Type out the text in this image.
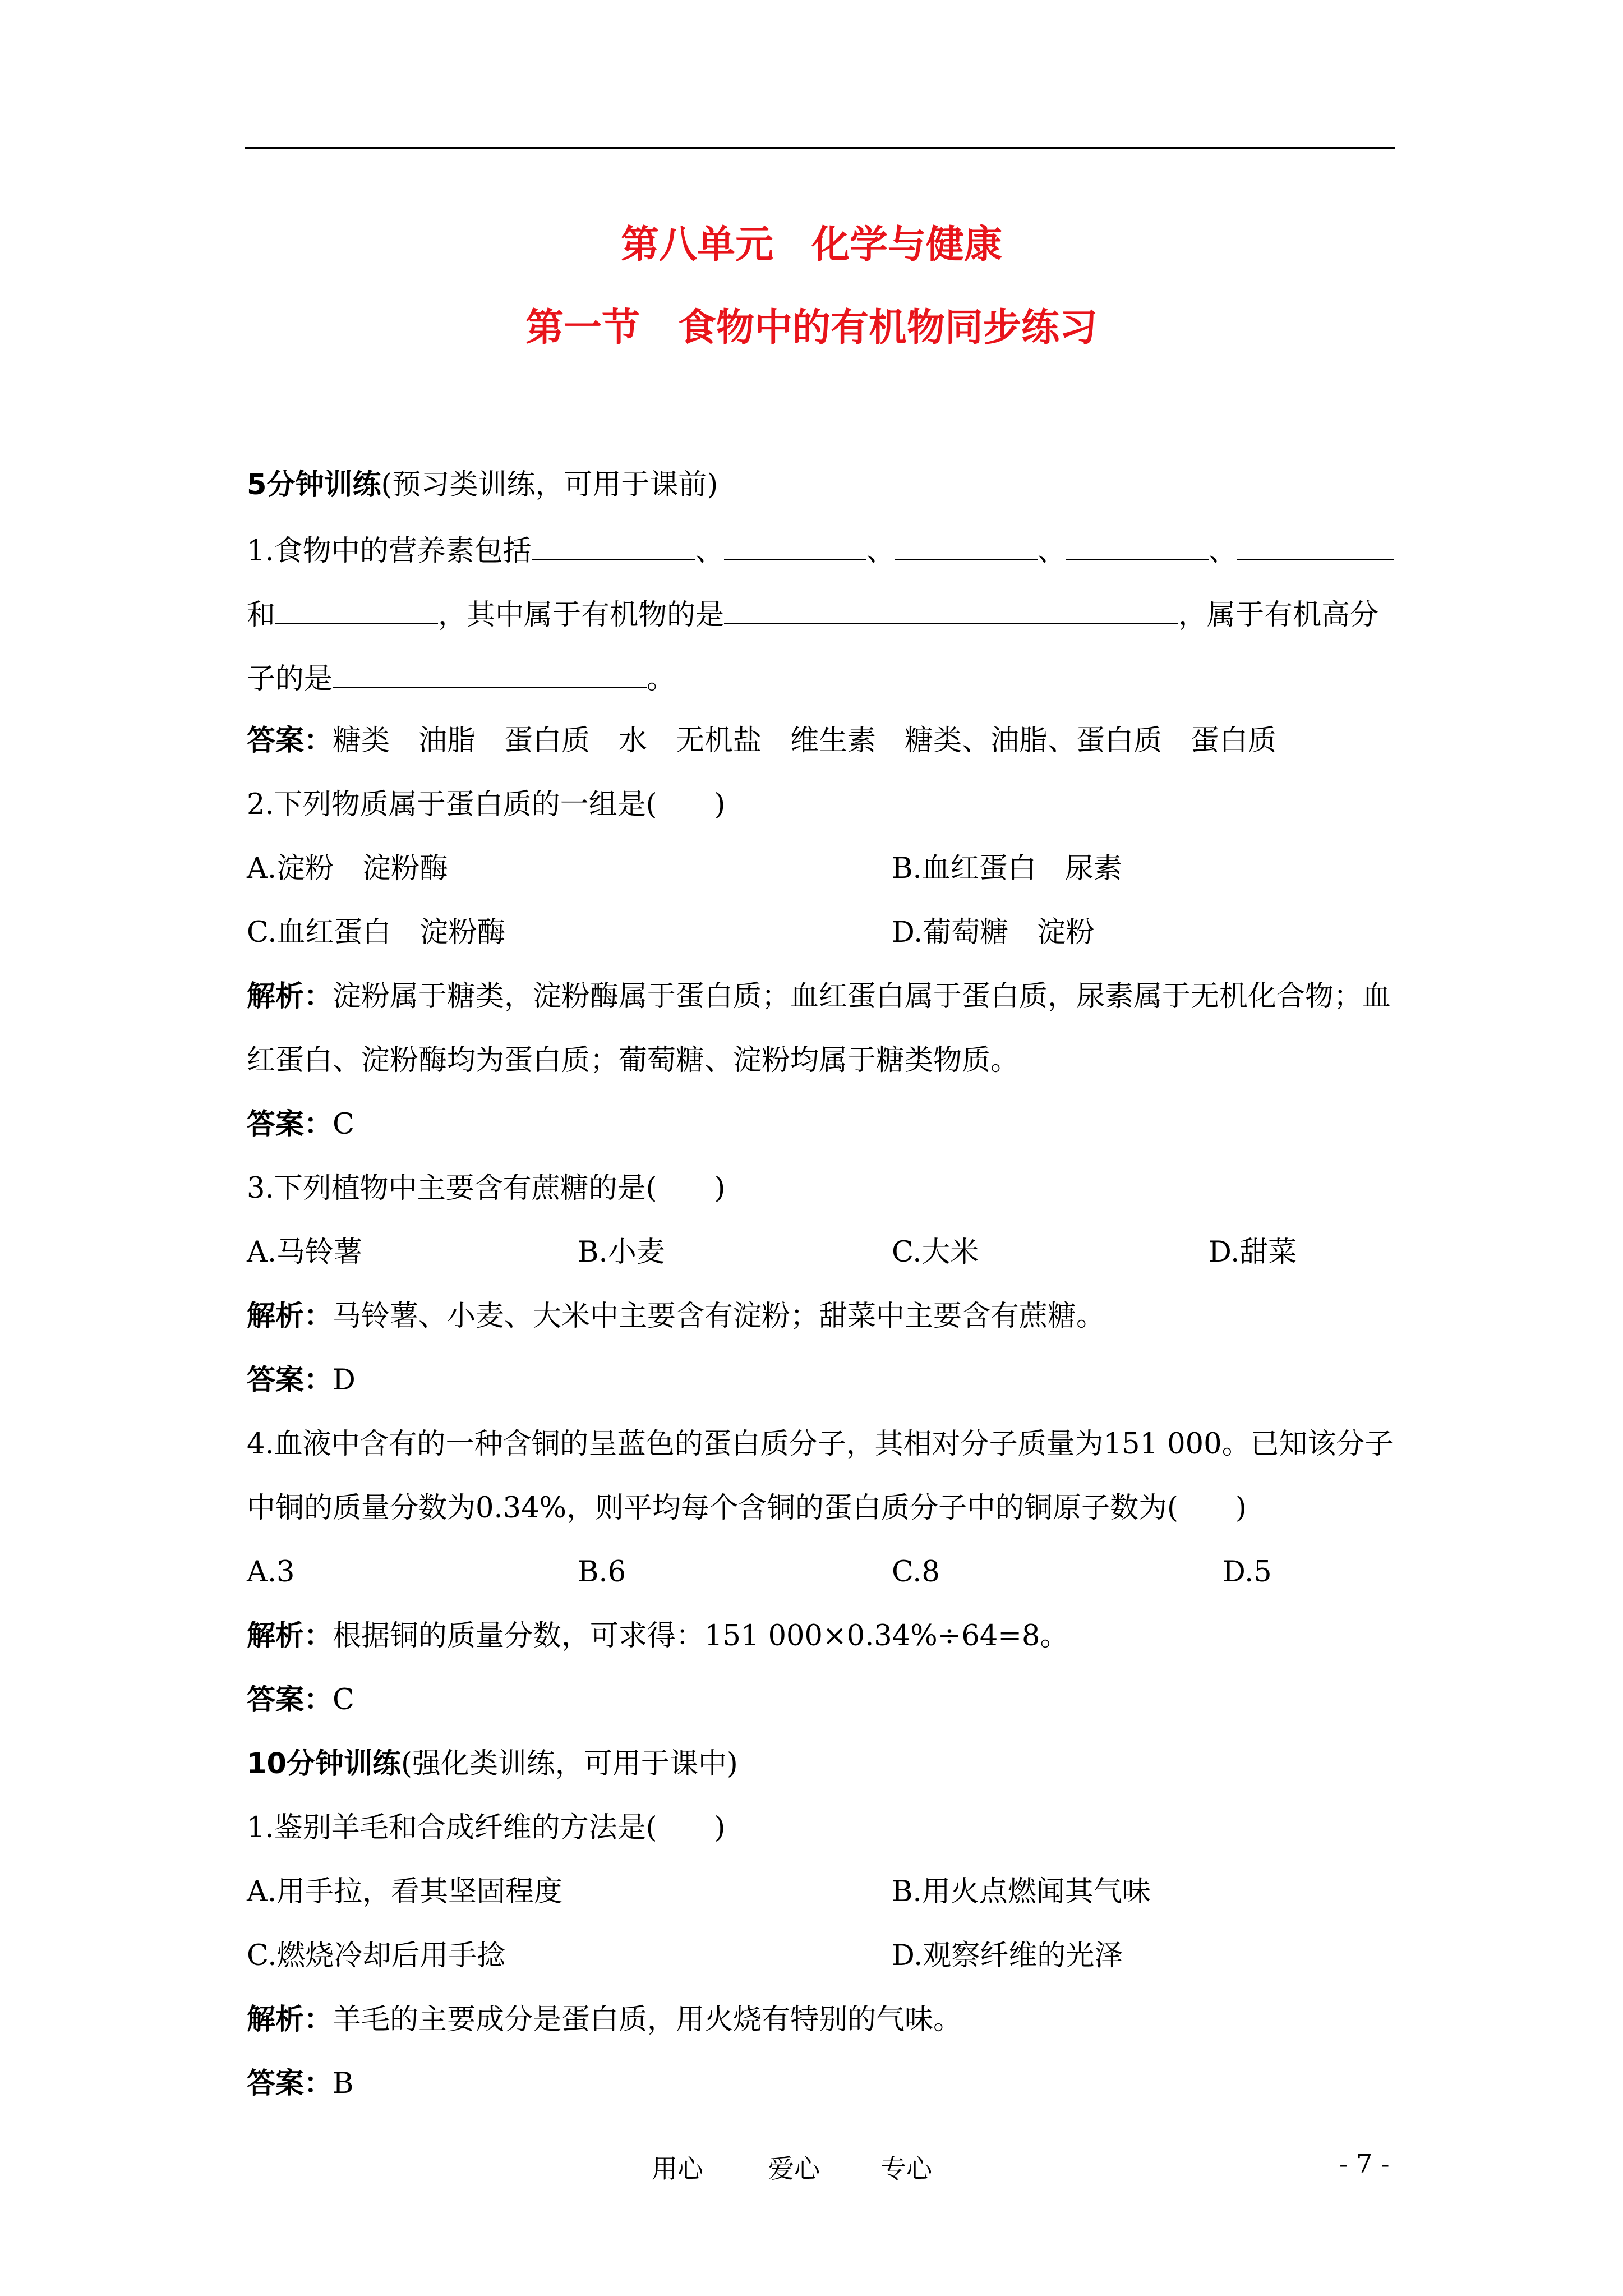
第八单元　化学与健康
第一节　食物中的有机物同步练习
5分钟训练(预习类训练，可用于课前)
1.食物中的营养素包括	、	、	、	、
和	，其中属于有机物的是	，属于有机高分
子的是	。
答案：糖类　油脂　蛋白质　水　无机盐　维生素　糖类、油脂、蛋白质　蛋白质
2.下列物质属于蛋白质的一组是(　　)
A.淀粉　淀粉酶	B.血红蛋白　尿素
C.血红蛋白　淀粉酶	D.葡萄糖　淀粉
解析：淀粉属于糖类，淀粉酶属于蛋白质；血红蛋白属于蛋白质，尿素属于无机化合物；血
红蛋白、淀粉酶均为蛋白质；葡萄糖、淀粉均属于糖类物质。
答案：C
3.下列植物中主要含有蔗糖的是(　　)
A.马铃薯	B.小麦	C.大米	D.甜菜
解析：马铃薯、小麦、大米中主要含有淀粉；甜菜中主要含有蔗糖。
答案：D
4.血液中含有的一种含铜的呈蓝色的蛋白质分子，其相对分子质量为151 000。已知该分子
中铜的质量分数为0.34%，则平均每个含铜的蛋白质分子中的铜原子数为(　　)
A.3	B.6	C.8	D.5
解析：根据铜的质量分数，可求得：151 000×0.34%÷64=8。
答案：C
10分钟训练(强化类训练，可用于课中)
1.鉴别羊毛和合成纤维的方法是(　　)
A.用手拉，看其坚固程度	B.用火点燃闻其气味
C.燃烧冷却后用手捻	D.观察纤维的光泽
解析：羊毛的主要成分是蛋白质，用火烧有特别的气味。
答案：B
用心	爱心 专心	- 7 -
